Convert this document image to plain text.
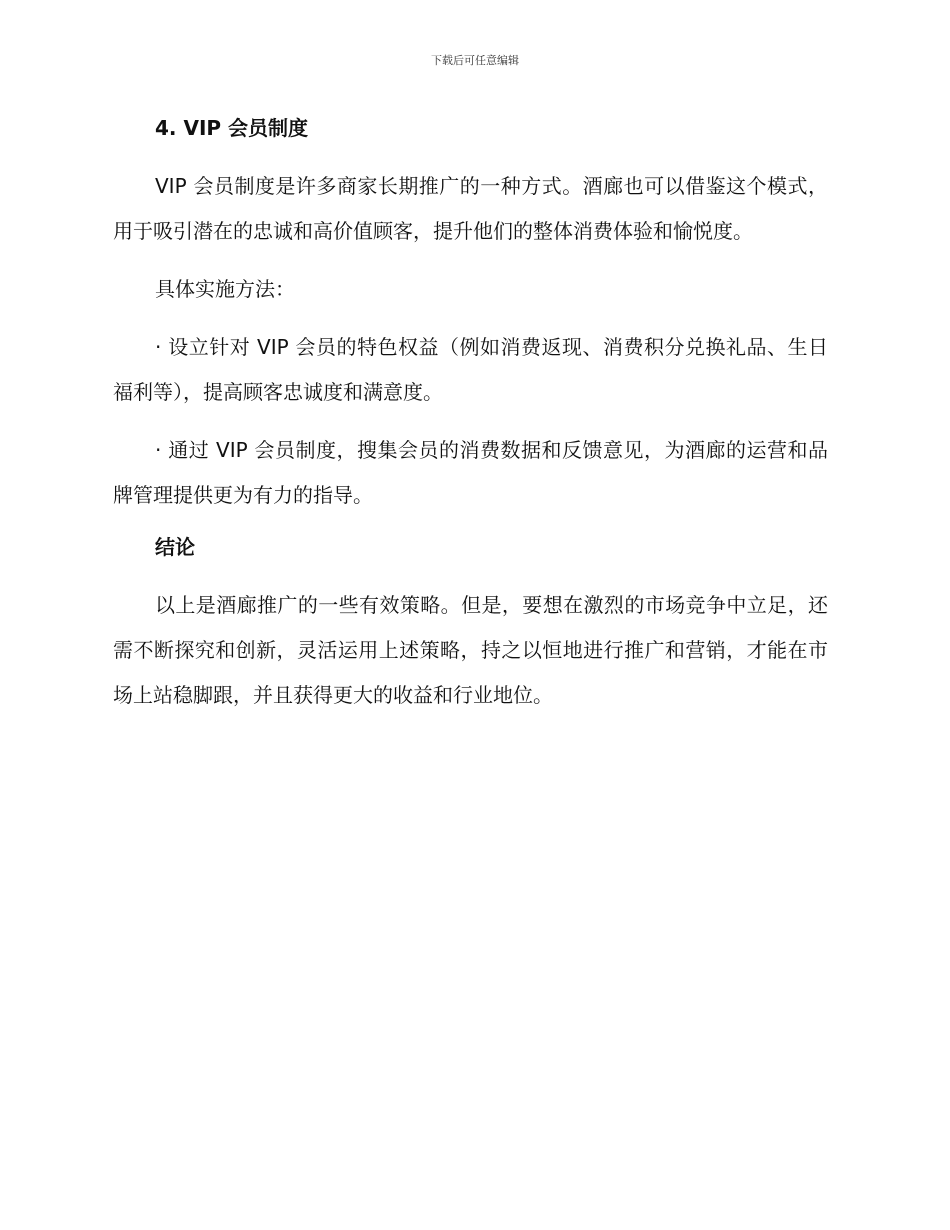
下载后可任意编辑
4. VIP 会员制度

VIP 会员制度是许多商家长期推广的一种方式。酒廊也可以借鉴这个模式，用于吸引潜在的忠诚和高价值顾客，提升他们的整体消费体验和愉悦度。

具体实施方法：

· 设立针对 VIP 会员的特色权益（例如消费返现、消费积分兑换礼品、生日福利等），提高顾客忠诚度和满意度。

· 通过 VIP 会员制度，搜集会员的消费数据和反馈意见，为酒廊的运营和品牌管理提供更为有力的指导。

结论

以上是酒廊推广的一些有效策略。但是，要想在激烈的市场竞争中立足，还需不断探究和创新，灵活运用上述策略，持之以恒地进行推广和营销，才能在市场上站稳脚跟，并且获得更大的收益和行业地位。
